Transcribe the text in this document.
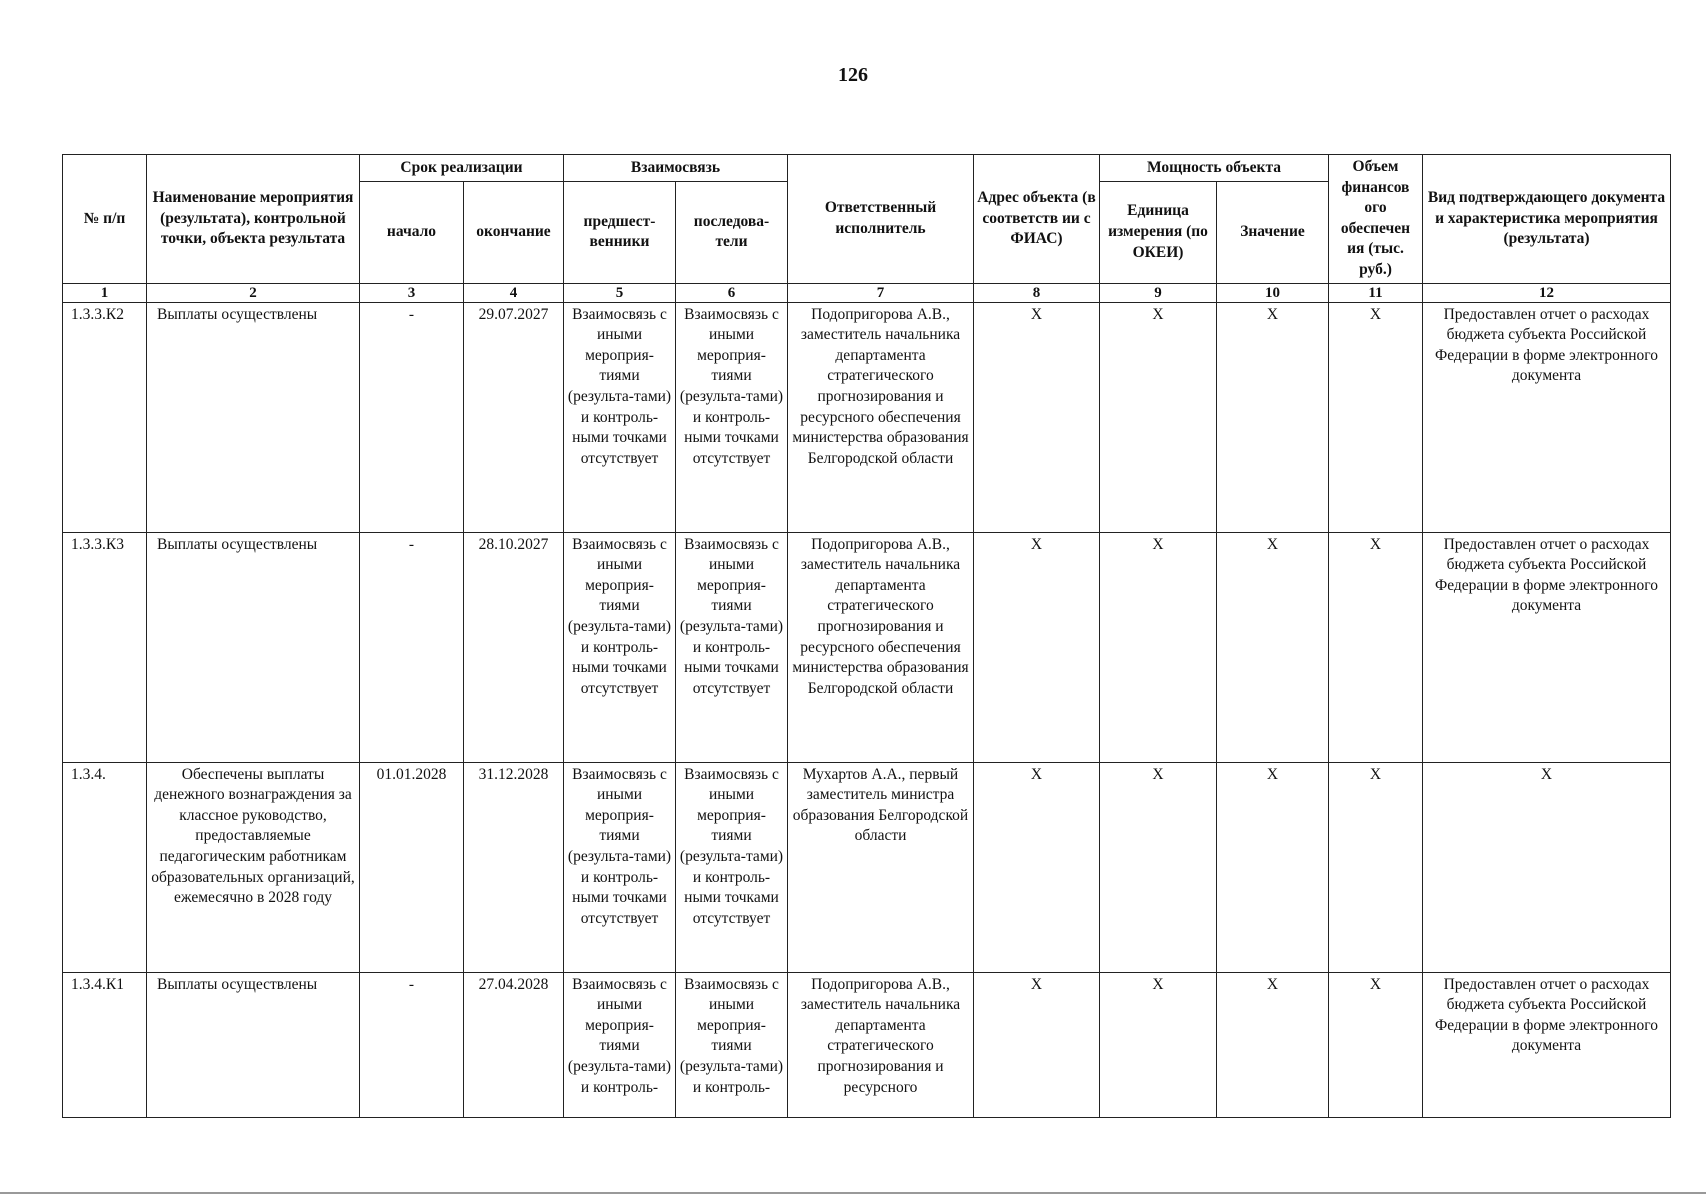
126
№ п/п	Наименование мероприятия (результата), контрольной точки, объекта результата	Срок реализации		Взаимосвязь		Ответственный исполнитель	Адрес объекта (в соответств ии с ФИАС)	Мощность объекта		Объем финансов ого обеспечен ия (тыс. руб.)	Вид подтверждающего документа и характеристика мероприятия (результата)
		начало	окончание	предшест-венники	последова-тели			Единица измерения (по ОКЕИ)	Значение		
1	2	3	4	5	6	7	8	9	10	11	12
1.3.3.К2	Выплаты осуществлены	-	29.07.2027	Взаимосвязь с иными мероприя-тиями (результа-тами) и контроль-ными точками отсутствует	Взаимосвязь с иными мероприя-тиями (результа-тами) и контроль-ными точками отсутствует	Подопригорова А.В., заместитель начальника департамента стратегического прогнозирования и ресурсного обеспечения министерства образования Белгородской области	Х	Х	Х	Х	Предоставлен отчет о расходах бюджета субъекта Российской Федерации в форме электронного документа
1.3.3.К3	Выплаты осуществлены	-	28.10.2027	Взаимосвязь с иными мероприя-тиями (результа-тами) и контроль-ными точками отсутствует	Взаимосвязь с иными мероприя-тиями (результа-тами) и контроль-ными точками отсутствует	Подопригорова А.В., заместитель начальника департамента стратегического прогнозирования и ресурсного обеспечения министерства образования Белгородской области	Х	Х	Х	Х	Предоставлен отчет о расходах бюджета субъекта Российской Федерации в форме электронного документа
1.3.4.	Обеспечены выплаты денежного вознаграждения за классное руководство, предоставляемые педагогическим работникам образовательных организаций, ежемесячно в 2028 году	01.01.2028	31.12.2028	Взаимосвязь с иными мероприя-тиями (результа-тами) и контроль-ными точками отсутствует	Взаимосвязь с иными мероприя-тиями (результа-тами) и контроль-ными точками отсутствует	Мухартов А.А., первый заместитель министра образования Белгородской области	Х	Х	Х	Х	Х
1.3.4.К1	Выплаты осуществлены	-	27.04.2028	Взаимосвязь с иными мероприя-тиями (результа-тами) и контроль-	Взаимосвязь с иными мероприя-тиями (результа-тами) и контроль-	Подопригорова А.В., заместитель начальника департамента стратегического прогнозирования и ресурсного	Х	Х	Х	Х	Предоставлен отчет о расходах бюджета субъекта Российской Федерации в форме электронного документа
